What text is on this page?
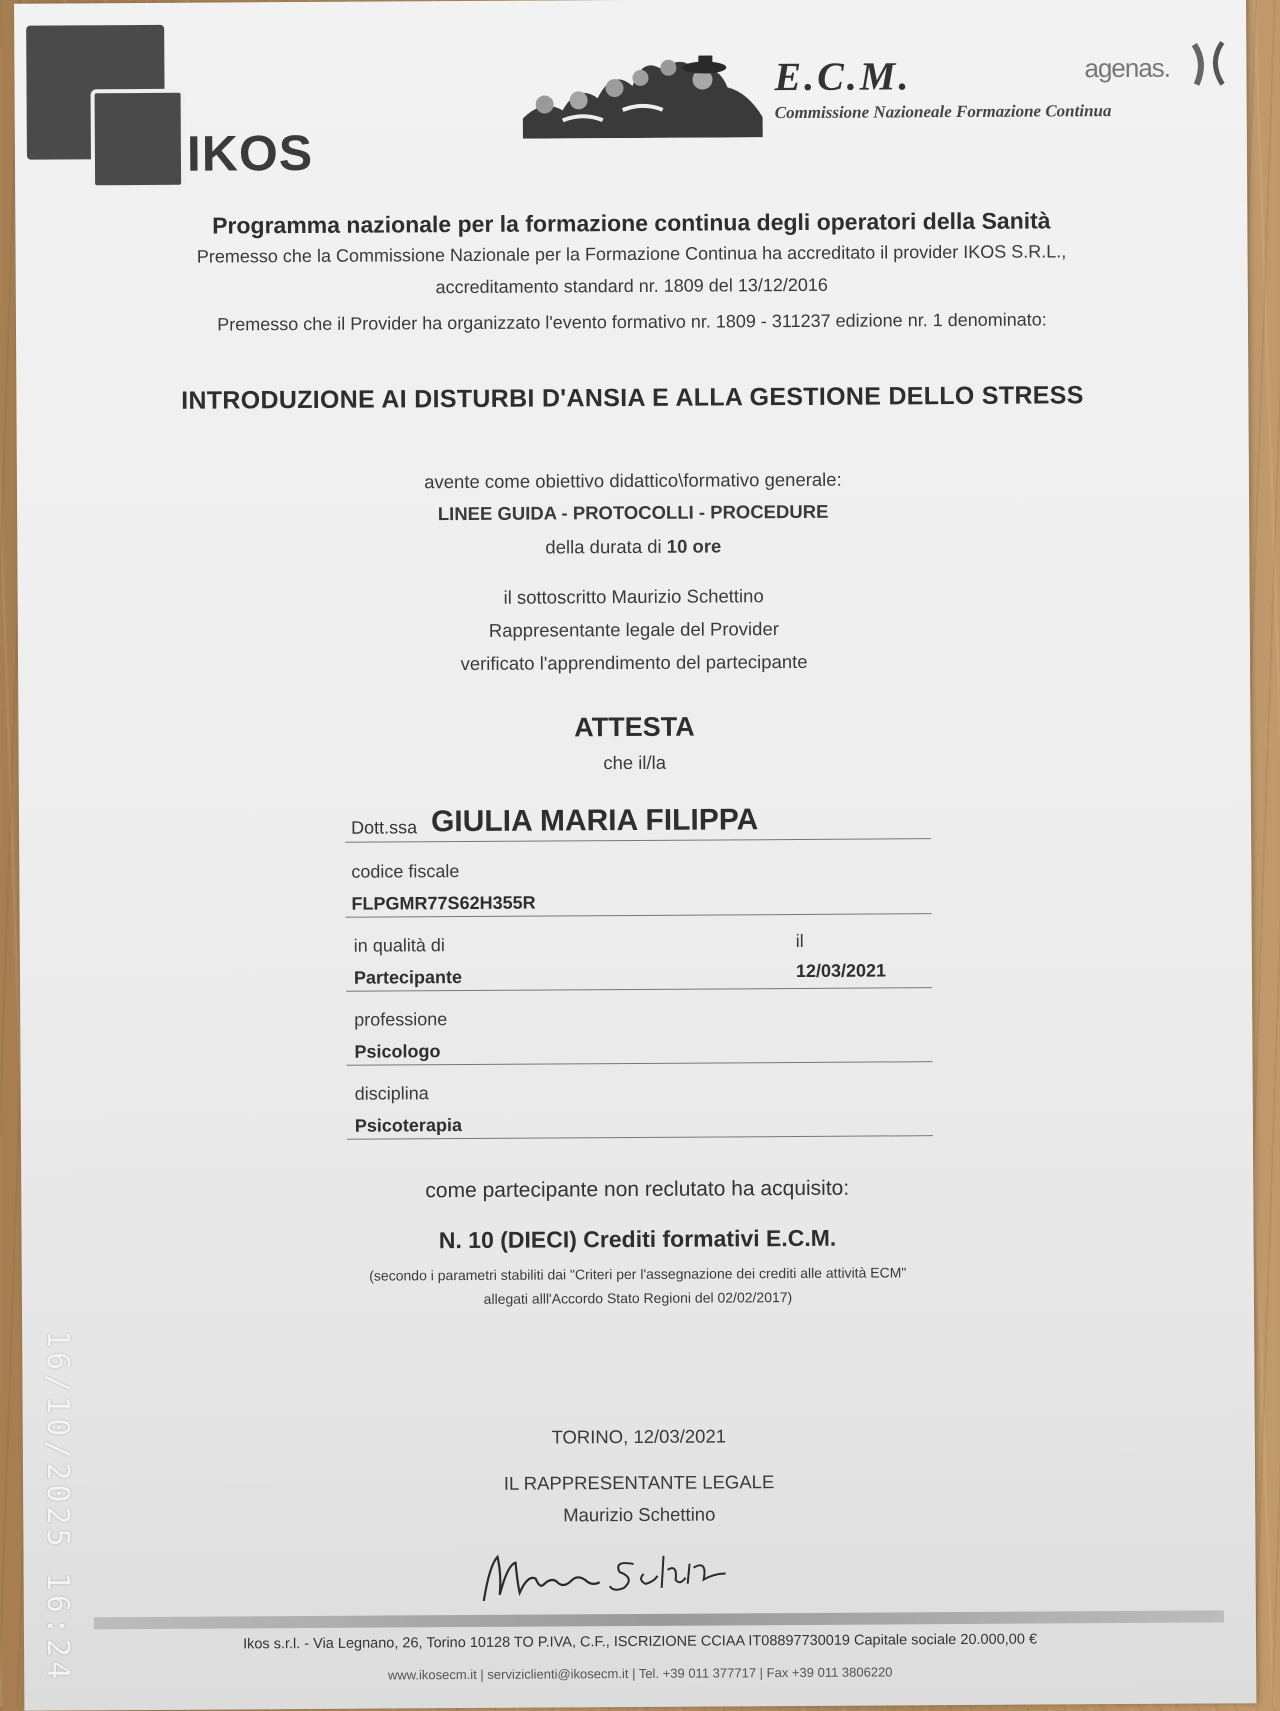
IKOS
E.C.M.
Commissione Nazioneale Formazione Continua
agenas.
Programma nazionale per la formazione continua degli operatori della Sanità
Premesso che la Commissione Nazionale per la Formazione Continua ha accreditato il provider IKOS S.R.L.,
accreditamento standard nr. 1809 del 13/12/2016
Premesso che il Provider ha organizzato l'evento formativo nr. 1809 - 311237 edizione nr. 1 denominato:
INTRODUZIONE AI DISTURBI D'ANSIA E ALLA GESTIONE DELLO STRESS
avente come obiettivo didattico\formativo generale:
LINEE GUIDA - PROTOCOLLI - PROCEDURE
della durata di 10 ore
il sottoscritto Maurizio Schettino
Rappresentante legale del Provider
verificato l'apprendimento del partecipante
ATTESTA
che il/la
Dott.ssa GIULIA MARIA FILIPPA
codice fiscale
FLPGMR77S62H355R
in qualità di
Partecipante
il
12/03/2021
professione
Psicologo
disciplina
Psicoterapia
come partecipante non reclutato ha acquisito:
N. 10 (DIECI) Crediti formativi E.C.M.
(secondo i parametri stabiliti dai "Criteri per l'assegnazione dei crediti alle attività ECM"
allegati alll'Accordo Stato Regioni del 02/02/2017)
TORINO, 12/03/2021
IL RAPPRESENTANTE LEGALE
Maurizio Schettino
Ikos s.r.l. - Via Legnano, 26, Torino 10128 TO P.IVA, C.F., ISCRIZIONE CCIAA IT08897730019 Capitale sociale 20.000,00 €
www.ikosecm.it | serviziclienti@ikosecm.it | Tel. +39 011 377717 | Fax +39 011 3806220
16/10/2025 16:24
